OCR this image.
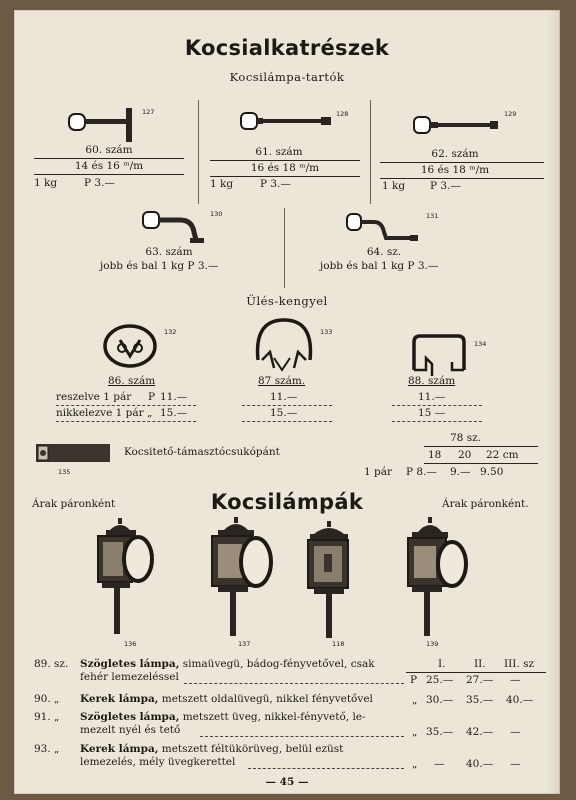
Kocsialkatrészek
Kocsilámpa-tartók
127
60. szám
14 és 16 ᵐ/m
1 kg	P 3.—
128
61. szám
16 és 18 ᵐ/m
1 kg	P 3.—
129
62. szám
16 és 18 ᵐ/m
1 kg P 3.—
130
63. szám
jobb és bal 1 kg P 3.—
131
64. sz.
jobb és bal 1 kg P 3.—
Ülés-kengyel
132	133
134
86. szám	87 szám.	88. szám
reszelve 1 pár P 11.—	11.—	11.—
nikkelezve 1 pár „ 15.—	15.—	15 —
135
Kocsitető-támasztócsukópánt
78 sz.
18 20 22 cm
1 pár P 8.— 9.— 9.50
Kocsilámpák
Árak páronként	Árak páronként.
136	137	118	139
I.	II. III. sz
89. sz. Szögletes lámpa, simaüvegü, bádog-fényvetővel, csak
fehér lemezeléssel	P 25.— 27.— —
90. „ Kerek lámpa, metszett oldalüvegü, nikkel fényvetővel	„ 30.— 35.— 40.—
91. „ Szögletes lámpa, metszett üveg, nikkel-fényvető, le-
mezelt nyél és tető	„ 35.— 42.— —
93. „ Kerek lámpa, metszett féltükörüveg, belül ezüst
lemezelés, mély üvegkerettel	„ — 40.— —
— 45 —
